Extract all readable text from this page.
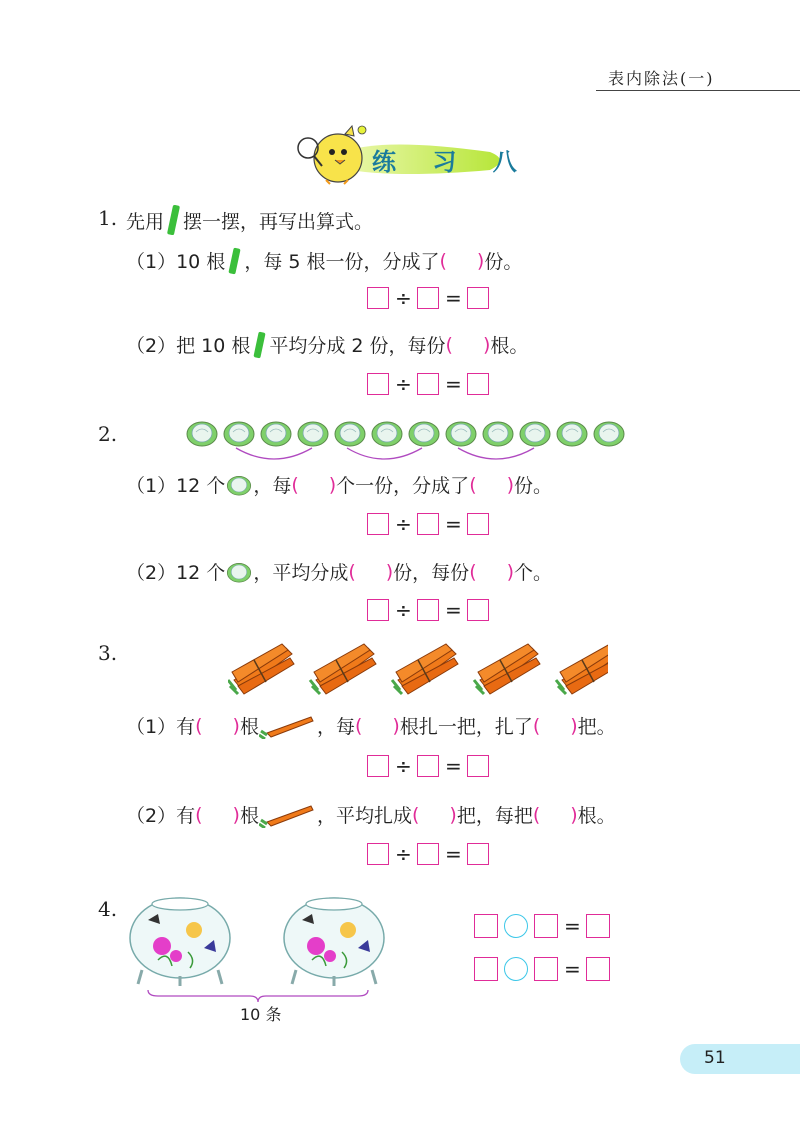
表内除法(一)
练 习 八
1. 先用 摆一摆，再写出算式。
（1）10 根 ，每 5 根一份，分成了 ( ) 份。
÷ =
（2）把 10 根 平均分成 2 份，每份 ( ) 根。
÷ =
2.
（1）12 个 ，每 ( ) 个一份，分成了 ( ) 份。
÷ =
（2）12 个 ，平均分成 ( ) 份，每份 ( ) 个。
÷ =
3.
（1）有 ( ) 根	，每 ( ) 根扎一把，扎了 ( ) 把。
÷ =
（2）有 ( ) 根	，平均扎成 ( ) 把，每把 ( ) 根。
÷ =
4.
10 条
=
=
51
